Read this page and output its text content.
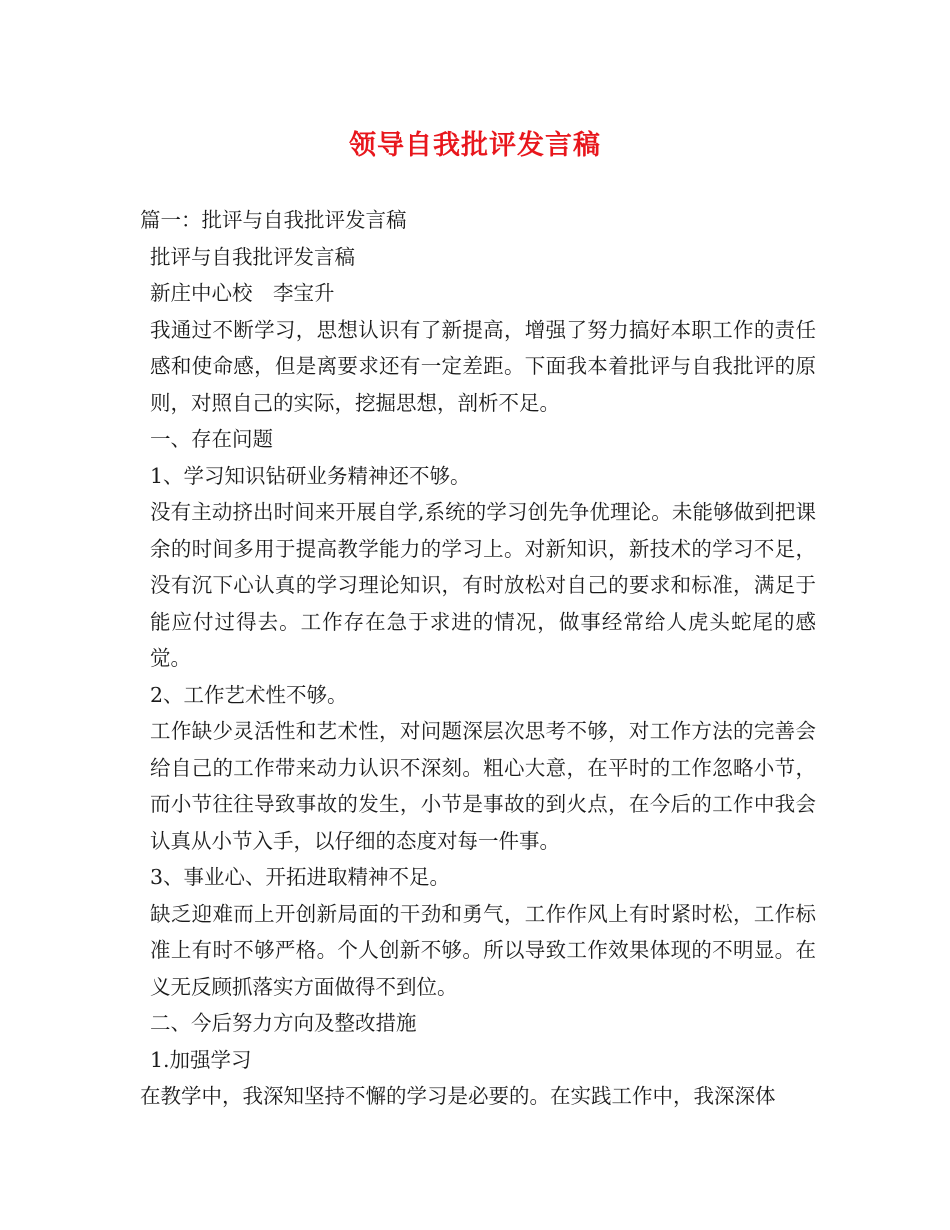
领导自我批评发言稿

篇一：批评与自我批评发言稿

批评与自我批评发言稿

新庄中心校　李宝升

我通过不断学习，思想认识有了新提高，增强了努力搞好本职工作的责任感和使命感，但是离要求还有一定差距。下面我本着批评与自我批评的原则，对照自己的实际，挖掘思想，剖析不足。

一、存在问题

1、学习知识钻研业务精神还不够。

没有主动挤出时间来开展自学,系统的学习创先争优理论。未能够做到把课余的时间多用于提高教学能力的学习上。对新知识，新技术的学习不足，没有沉下心认真的学习理论知识，有时放松对自己的要求和标准，满足于能应付过得去。工作存在急于求进的情况，做事经常给人虎头蛇尾的感觉。

2、工作艺术性不够。

工作缺少灵活性和艺术性，对问题深层次思考不够，对工作方法的完善会给自己的工作带来动力认识不深刻。粗心大意，在平时的工作忽略小节，而小节往往导致事故的发生，小节是事故的到火点，在今后的工作中我会认真从小节入手，以仔细的态度对每一件事。

3、事业心、开拓进取精神不足。

缺乏迎难而上开创新局面的干劲和勇气，工作作风上有时紧时松，工作标准上有时不够严格。个人创新不够。所以导致工作效果体现的不明显。在义无反顾抓落实方面做得不到位。

二、今后努力方向及整改措施

1.加强学习

在教学中，我深知坚持不懈的学习是必要的。在实践工作中，我深深体
